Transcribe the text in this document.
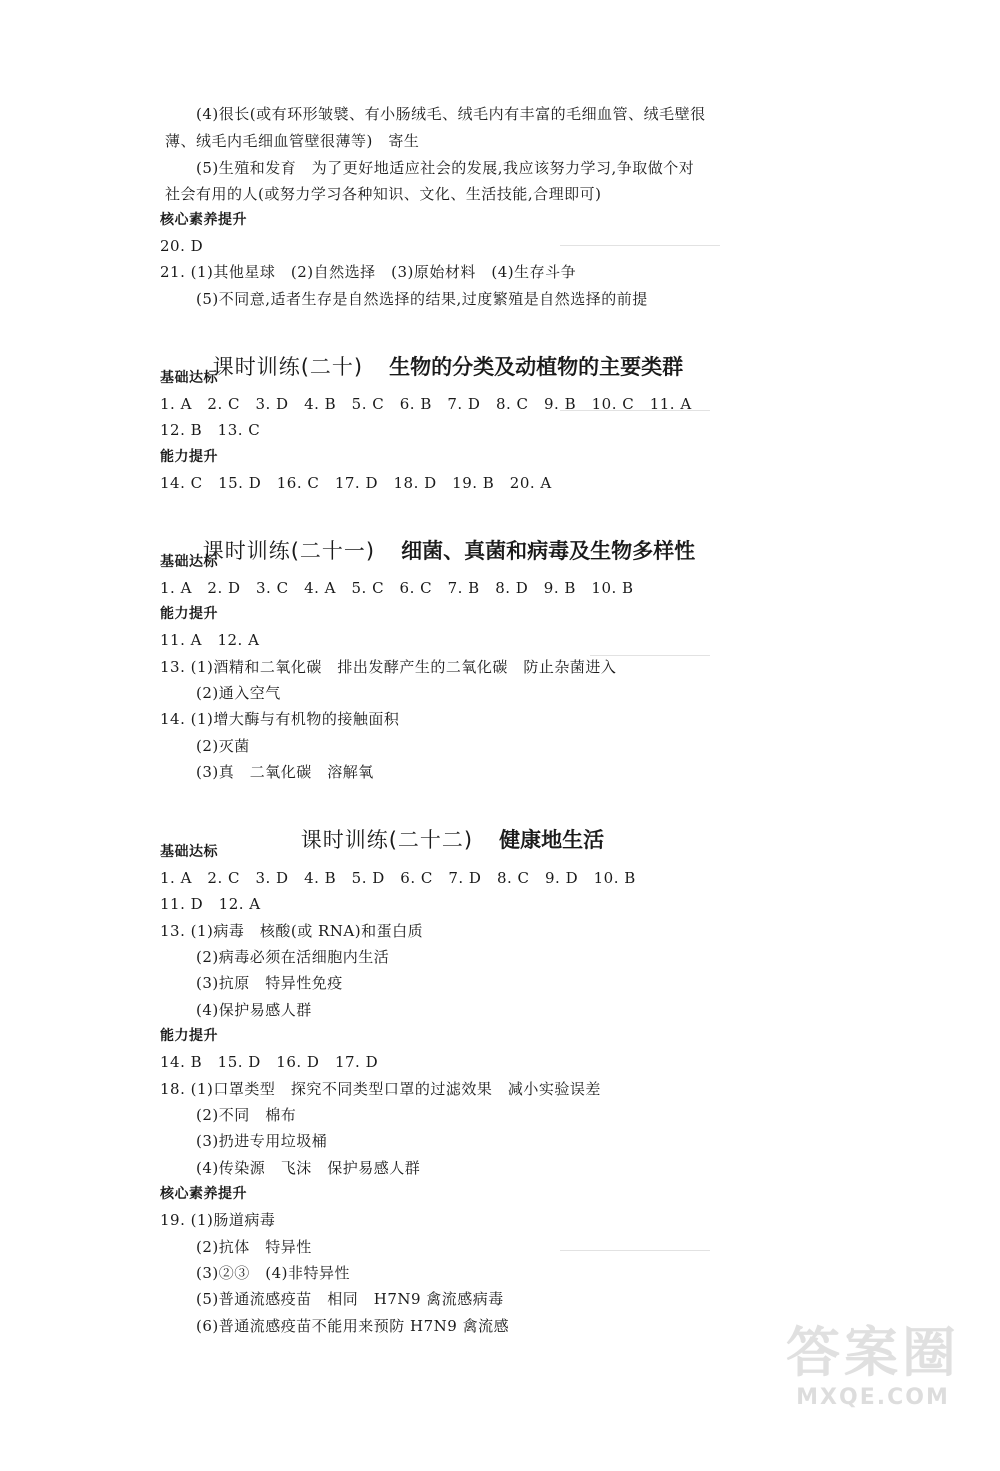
(4)很长(或有环形皱襞、有小肠绒毛、绒毛内有丰富的毛细血管、绒毛壁很
薄、绒毛内毛细血管壁很薄等)　寄生
(5)生殖和发育　为了更好地适应社会的发展,我应该努力学习,争取做个对
社会有用的人(或努力学习各种知识、文化、生活技能,合理即可)
核心素养提升
20. D
21. (1)其他星球　(2)自然选择　(3)原始材料　(4)生存斗争
(5)不同意,适者生存是自然选择的结果,过度繁殖是自然选择的前提

课时训练(二十) 生物的分类及动植物的主要类群

基础达标
1. A　2. C　3. D　4. B　5. C　6. B　7. D　8. C　9. B　10. C　11. A
12. B　13. C
能力提升
14. C　15. D　16. C　17. D　18. D　19. B　20. A

课时训练(二十一) 细菌、真菌和病毒及生物多样性

基础达标
1. A　2. D　3. C　4. A　5. C　6. C　7. B　8. D　9. B　10. B
能力提升
11. A　12. A
13. (1)酒精和二氧化碳　排出发酵产生的二氧化碳　防止杂菌进入
(2)通入空气
14. (1)增大酶与有机物的接触面积
(2)灭菌
(3)真　二氧化碳　溶解氧

课时训练(二十二) 健康地生活

基础达标
1. A　2. C　3. D　4. B　5. D　6. C　7. D　8. C　9. D　10. B
11. D　12. A
13. (1)病毒　核酸(或 RNA)和蛋白质
(2)病毒必须在活细胞内生活
(3)抗原　特异性免疫
(4)保护易感人群
能力提升
14. B　15. D　16. D　17. D
18. (1)口罩类型　探究不同类型口罩的过滤效果　减小实验误差
(2)不同　棉布
(3)扔进专用垃圾桶
(4)传染源　飞沫　保护易感人群
核心素养提升
19. (1)肠道病毒
(2)抗体　特异性
(3)②③　(4)非特异性
(5)普通流感疫苗　相同　H7N9 禽流感病毒
(6)普通流感疫苗不能用来预防 H7N9 禽流感	答案圈
MXQE.COM
